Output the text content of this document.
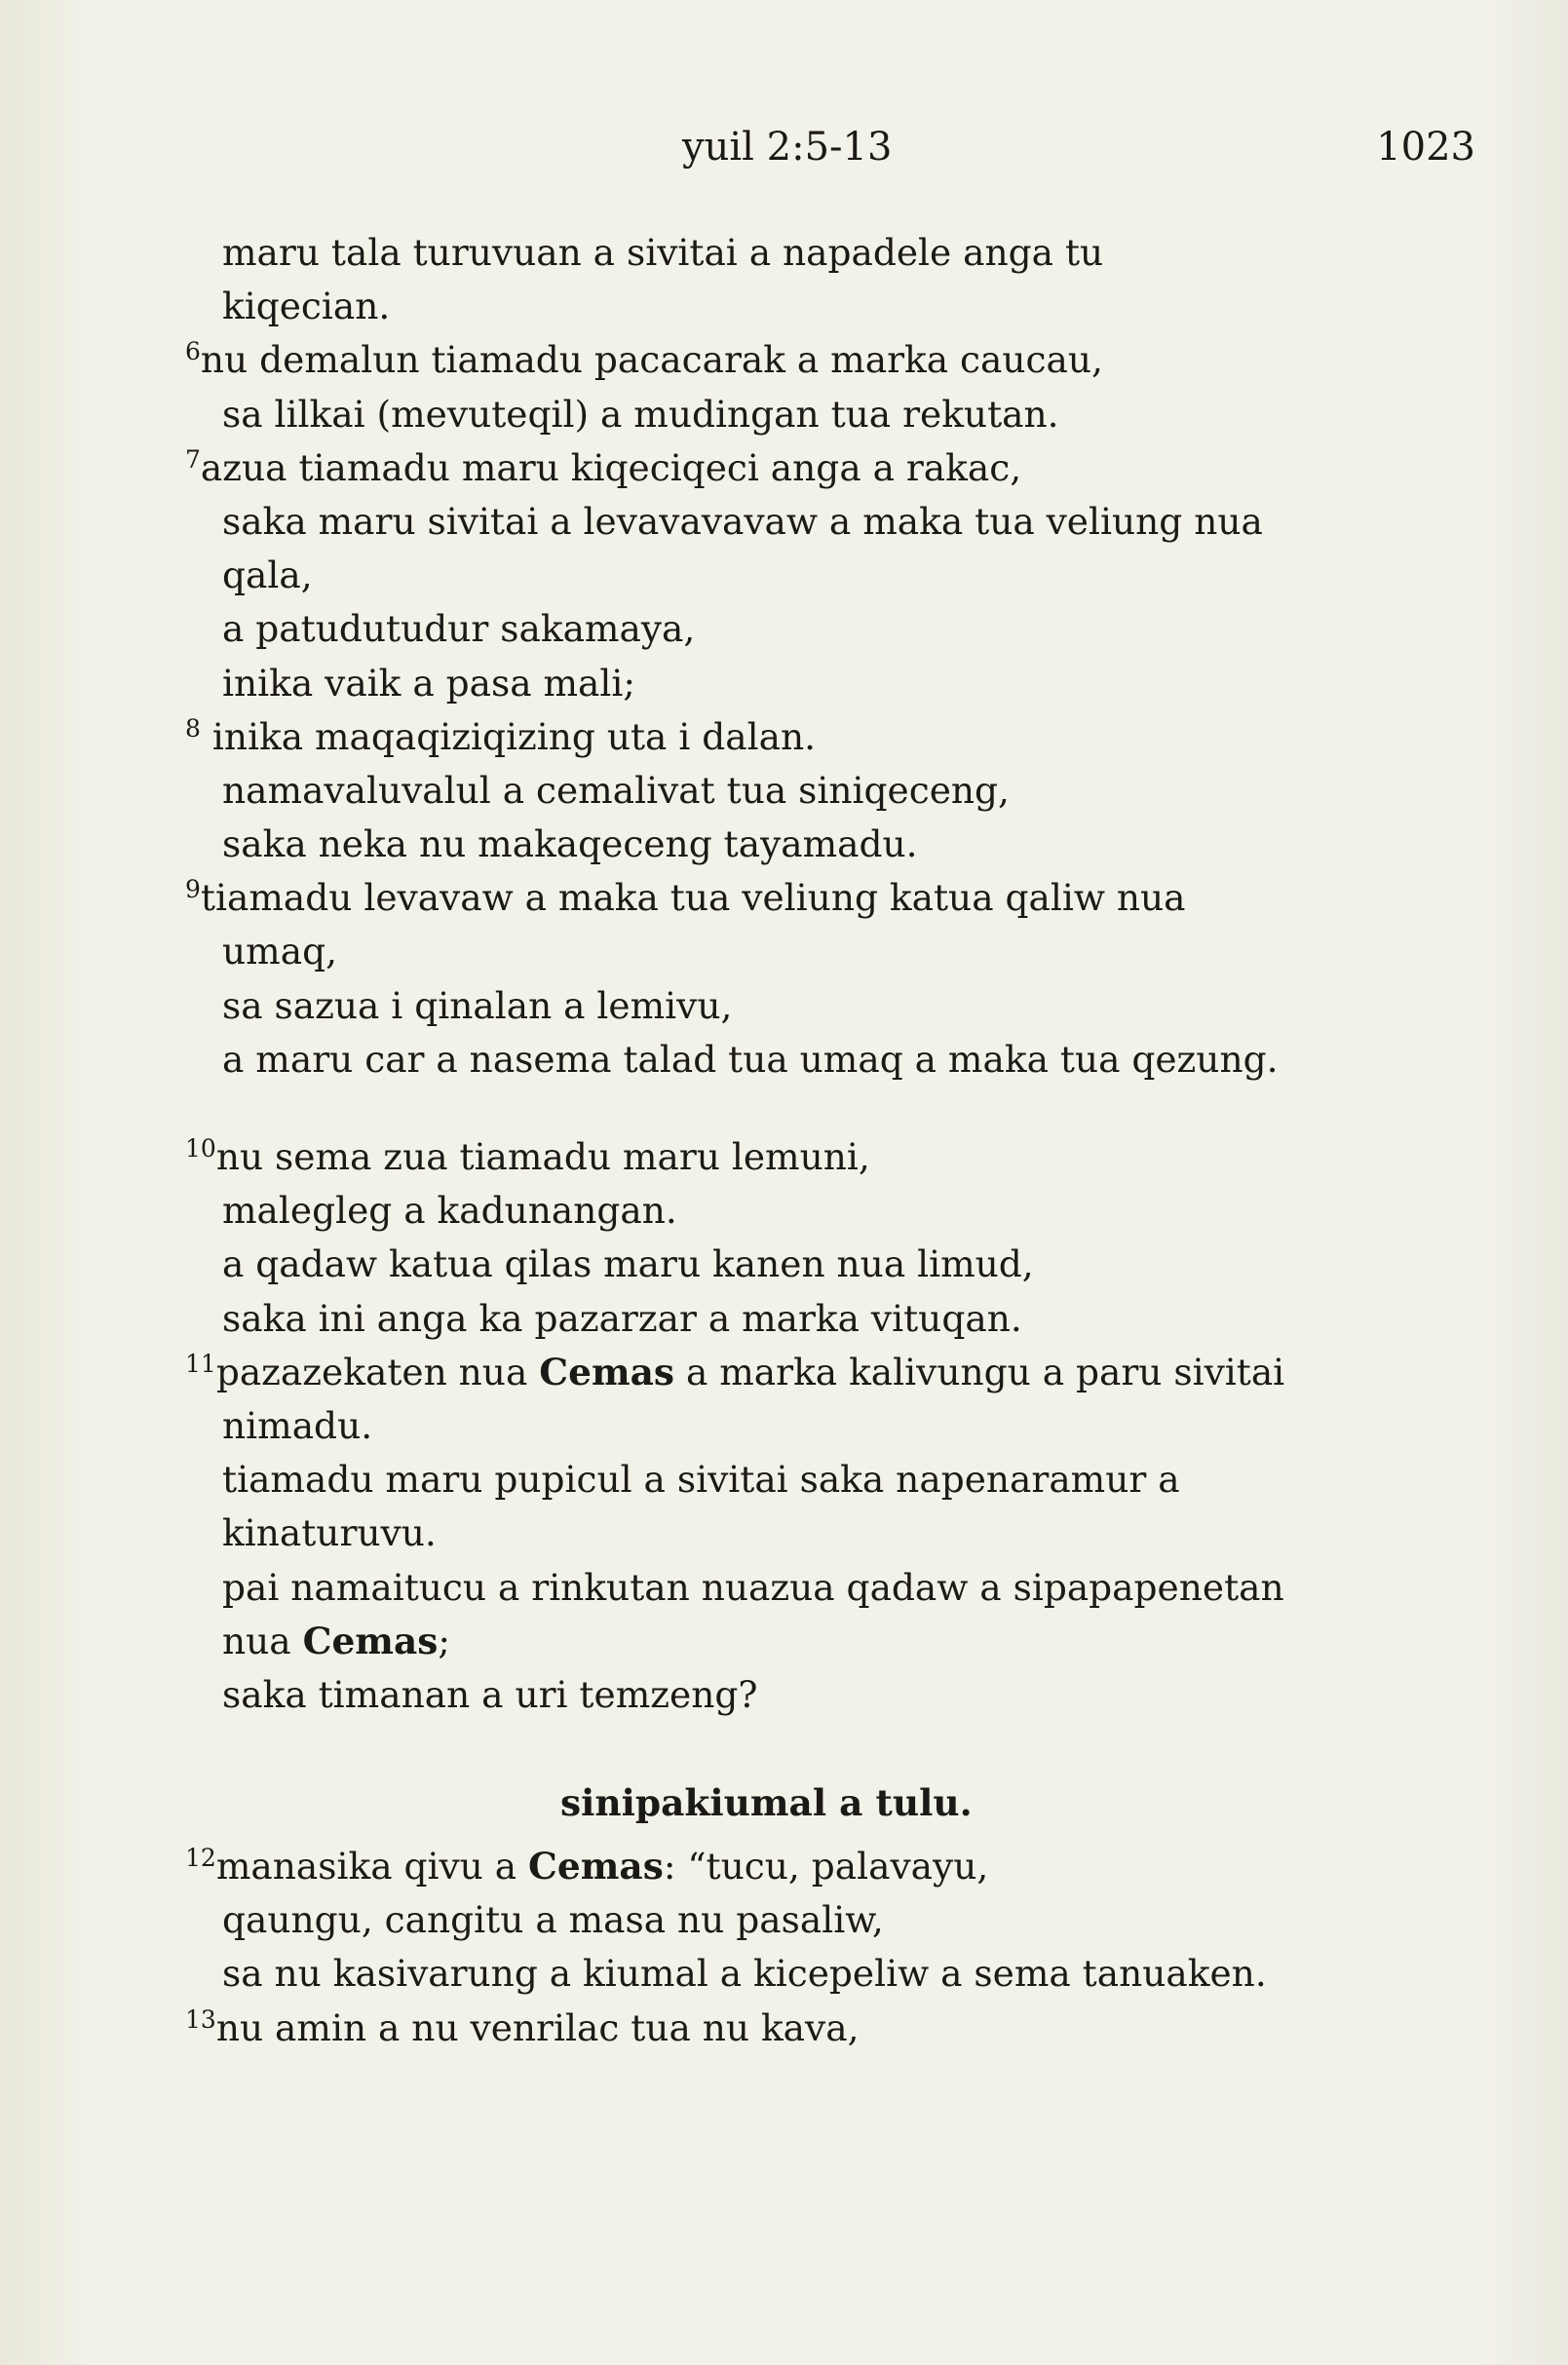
yuil 2:5-13	1023
maru tala turuvuan a sivitai a napadele anga tu
kiqecian.
$^6$nu demalun tiamadu pacacarak a marka caucau,
sa lilkai (mevuteqil) a mudingan tua rekutan.
$^7$azua tiamadu maru kiqeciqeci anga a rakac,
saka maru sivitai a levavavavaw a maka tua veliung nua
qala,
a patudutudur sakamaya,
inika vaik a pasa mali;
$^8$ inika maqaqiziqizing uta i dalan.
namavaluvalul a cemalivat tua siniqeceng,
saka neka nu makaqeceng tayamadu.
$^9$tiamadu levavaw a maka tua veliung katua qaliw nua
umaq,
sa sazua i qinalan a lemivu,
a maru car a nasema talad tua umaq a maka tua qezung.
$^{10}$nu sema zua tiamadu maru lemuni,
malegleg a kadunangan.
a qadaw katua qilas maru kanen nua limud,
saka ini anga ka pazarzar a marka vituqan.
$^{11}$pazazekaten nua Cemas a marka kalivungu a paru sivitai
nimadu.
tiamadu maru pupicul a sivitai saka napenaramur a
kinaturuvu.
pai namaitucu a rinkutan nuazua qadaw a sipapapenetan
nua Cemas;
saka timanan a uri temzeng?
sinipakiumal a tulu.
$^{12}$manasika qivu a Cemas: “tucu, palavayu,
qaungu, cangitu a masa nu pasaliw,
sa nu kasivarung a kiumal a kicepeliw a sema tanuaken.
$^{13}$nu amin a nu venrilac tua nu kava,
